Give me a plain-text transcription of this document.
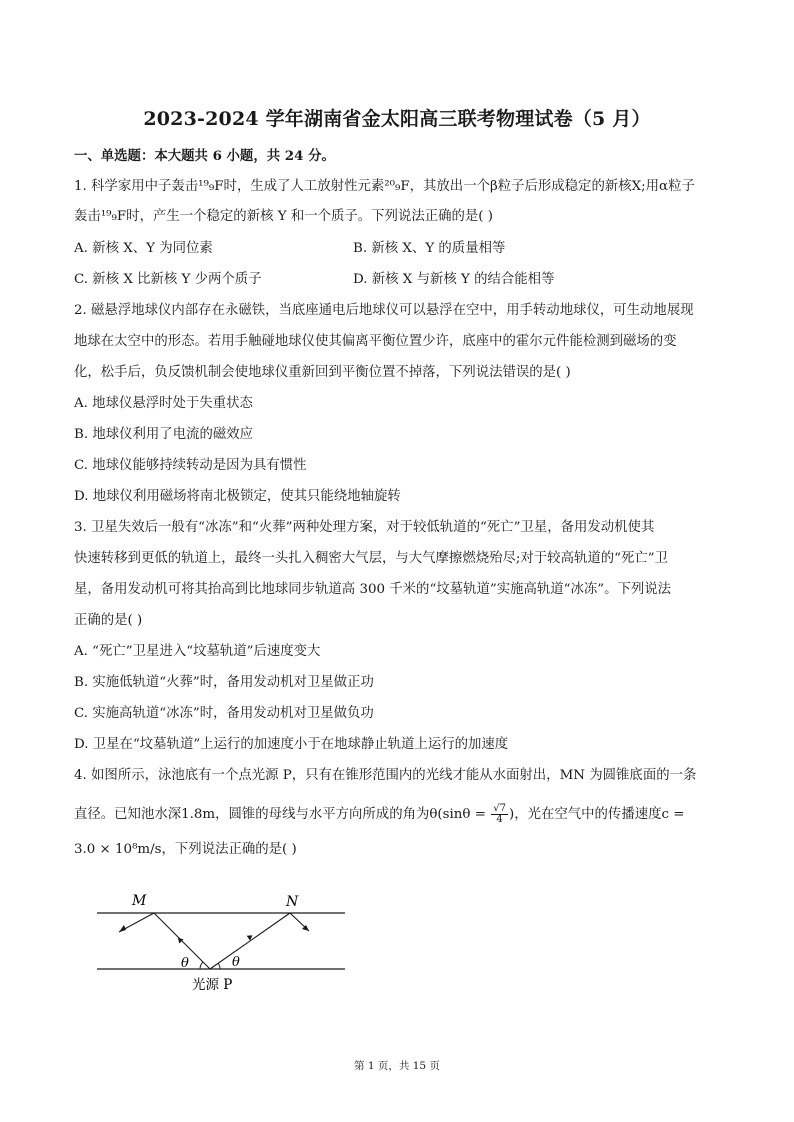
2023-2024 学年湖南省金太阳高三联考物理试卷（5 月）
一、单选题：本大题共 6 小题，共 24 分。
1. 科学家用中子轰击¹⁹₉F时，生成了人工放射性元素²⁰₉F，其放出一个β粒子后形成稳定的新核X;用α粒子
轰击¹⁹₉F时，产生一个稳定的新核 Y 和一个质子。下列说法正确的是( )
A. 新核 X、Y 为同位素	B. 新核 X、Y 的质量相等
C. 新核 X 比新核 Y 少两个质子	D. 新核 X 与新核 Y 的结合能相等
2. 磁悬浮地球仪内部存在永磁铁，当底座通电后地球仪可以悬浮在空中，用手转动地球仪，可生动地展现
地球在太空中的形态。若用手触碰地球仪使其偏离平衡位置少许，底座中的霍尔元件能检测到磁场的变
化，松手后，负反馈机制会使地球仪重新回到平衡位置不掉落，下列说法错误的是( )
A. 地球仪悬浮时处于失重状态
B. 地球仪利用了电流的磁效应
C. 地球仪能够持续转动是因为具有惯性
D. 地球仪利用磁场将南北极锁定，使其只能绕地轴旋转
3. 卫星失效后一般有“冰冻”和“火葬”两种处理方案，对于较低轨道的“死亡”卫星，备用发动机使其
快速转移到更低的轨道上，最终一头扎入稠密大气层，与大气摩擦燃烧殆尽;对于较高轨道的“死亡”卫
星，备用发动机可将其抬高到比地球同步轨道高 300 千米的“坟墓轨道”实施高轨道“冰冻”。下列说法
正确的是( )
A. “死亡”卫星进入“坟墓轨道”后速度变大
B. 实施低轨道“火葬”时，备用发动机对卫星做正功
C. 实施高轨道“冰冻”时，备用发动机对卫星做负功
D. 卫星在“坟墓轨道”上运行的加速度小于在地球静止轨道上运行的加速度
4. 如图所示，泳池底有一个点光源 P，只有在锥形范围内的光线才能从水面射出，MN 为圆锥底面的一条
直径。已知池水深1.8m，圆锥的母线与水平方向所成的角为$\theta(\sin\theta = \frac{√7}{4}$ )，光在空气中的传播速度c =
3.0 × 10⁸m/s，下列说法正确的是( )
M	N
θ	θ
光源 P
第 1 页，共 15 页
